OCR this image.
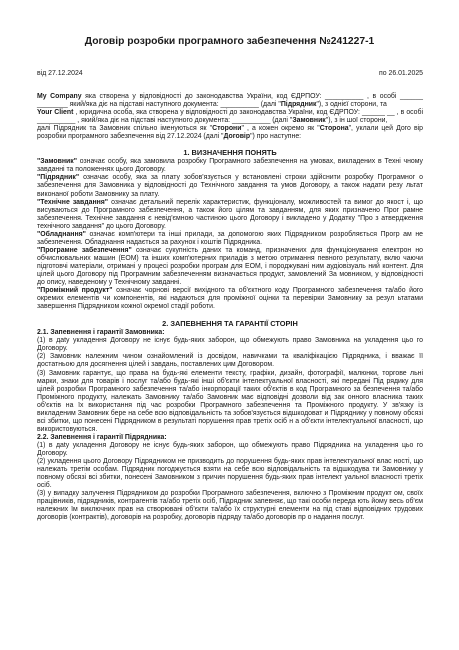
Договір розробки програмного забезпечення №241227-1
від 27.12.2024	по 26.01.2025

My Company яка створена у відповідності до законодавства України, код ЄДРПОУ: __________ , в особі ______ ________ який/яка діє на підставі наступного документа: __________ (далі "Підрядник"), з однієї сторони, та

Your Client , юридична особа, яка створена у відповідності до законодавства України, код ЄДРПОУ: ______ __ , в особі __________ , який/яка діє на підставі наступного документа: __________ (далі "Замовник"), з ін шої сторони,

далі Підрядник та Замовник спільно іменуються як "Сторони" , а кожен окремо як "Сторона", уклали цей Дого вір розробки програмного забезпечення від 27.12.2024 (далі "Договір") про наступне:

1. ВИЗНАЧЕННЯ ПОНЯТЬ

"Замовник" означає особу, яка замовила розробку Програмного забезпечення на умовах, викладених в Техні чному завданні та положеннях цього Договору.

"Підрядник" означає особу, яка за плату зобов'язується у встановлені строки здійснити розробку Програмног о забезпечення для Замовника у відповідності до Технічного завдання та умов Договору, а також надати резу льтат виконаної роботи Замовнику за плату.

"Технічне завдання" означає детальний перелік характеристик, функціоналу, можливостей та вимог до якост і, що висуваються до Програмного забезпечення, а також його цілям та завданням, для яких призначено Прог рамне забезпечення. Технічне завдання є невід'ємною частиною цього Договору і викладено у Додатку "Про з атвердження технічного завдання" до цього Договору.

"Обладнання" означає комп'ютери та інші прилади, за допомогою яких Підрядником розробляється Прогр ам не забезпечення. Обладнання надається за рахунок і коштів Підрядника.

"Програмне забезпечення" означає сукупність даних та команд, призначених для функціонування електрон но обчислювальних машин (ЕОМ) та інших комп'ютерних приладів з метою отримання певного результату, вклю чаючи підготовчі матеріали, отримані у процесі розробки програм для ЕОМ, і породжувані ним аудіовізуаль ний контент. Для цілей цього Договору під Програмним забезпеченням визначається продукт, замовлений За мовником, у відповідності до опису, наведеному у Технічному завданні.

"Проміжний продукт" означає чорнові версії вихідного та об'єктного коду Програмного забезпечення та/або його окремих елементів чи компонентів, які надаються для проміжної оцінки та перевірки Замовнику за резул ьтатами завершення Підрядником кожної окремої стадії роботи.

2. ЗАПЕВНЕННЯ ТА ГАРАНТІЇ СТОРІН

2.1. Запевнення і гарантії Замовника:

(1) в даty укладення Договору не існує будь-яких заборон, що обмежують право Замовника на укладення цьо го Договору.

(2) Замовник належним чином ознайомлений із досвідом, навичками та кваліфікацією Підрядника, і вважає її достатньою для досягнення цілей і завдань, поставлених цим Договором.

(3) Замовник гарантує, що права на будь-які елементи тексту, графіки, дизайн, фотографії, малюнки, торгове льні марки, знаки для товарів і послуг та/або будь-які інші об'єкти інтелектуальної власності, які передані Під рядику для цілей розробки Програмного забезпечення та/або інкорпорації таких об'єктів в код Програмного за безпечення та/або Проміжного продукту, належать Замовнику та/або Замовник має відповідні дозволи від зак онного власника таких об'єктів на їх використання під час розробки Програмного забезпечення та Проміжного продукту. У зв'язку із викладеним Замовник бере на себе всю відповідальність та зобов'язується відшкодоват и Підряднику у повному обсязі всі збитки, що понесені Підрядником в результаті порушення прав третіх осіб н а об'єкти інтелектуальної власності, що використовуються.

2.2. Запевнення і гарантії Підрядника:

(1) в даty укладення Договору не існує будь-яких заборон, що обмежують право Підрядника на укладення цьо го Договору.

(2) укладення цього Договору Підрядником не призводить до порушення будь-яких прав інтелектуальної влас ності, що належать третім особам. Підрядник погоджується взяти на себе всю відповідальність та відшкодува ти Замовнику у повному обсязі всі збитки, понесені Замовником з причин порушення будь-яких прав інтелект уальної власності третіх осіб.

(3) у випадку залучення Підрядником до розробки Програмного забезпечення, включно з Проміжним продукт ом, своїх працівників, підрядників, контрагентів та/або третіх осіб, Підрядник запевняє, що такі особи переда ють йому весь об'єм належних їм виключних прав на створювані об'єкти та/або їх структурні елементи на під ставі відповідних трудових договорів (контрактів), договорів на розробку, договорів підряду та/або договорів пр о надання послуг.
